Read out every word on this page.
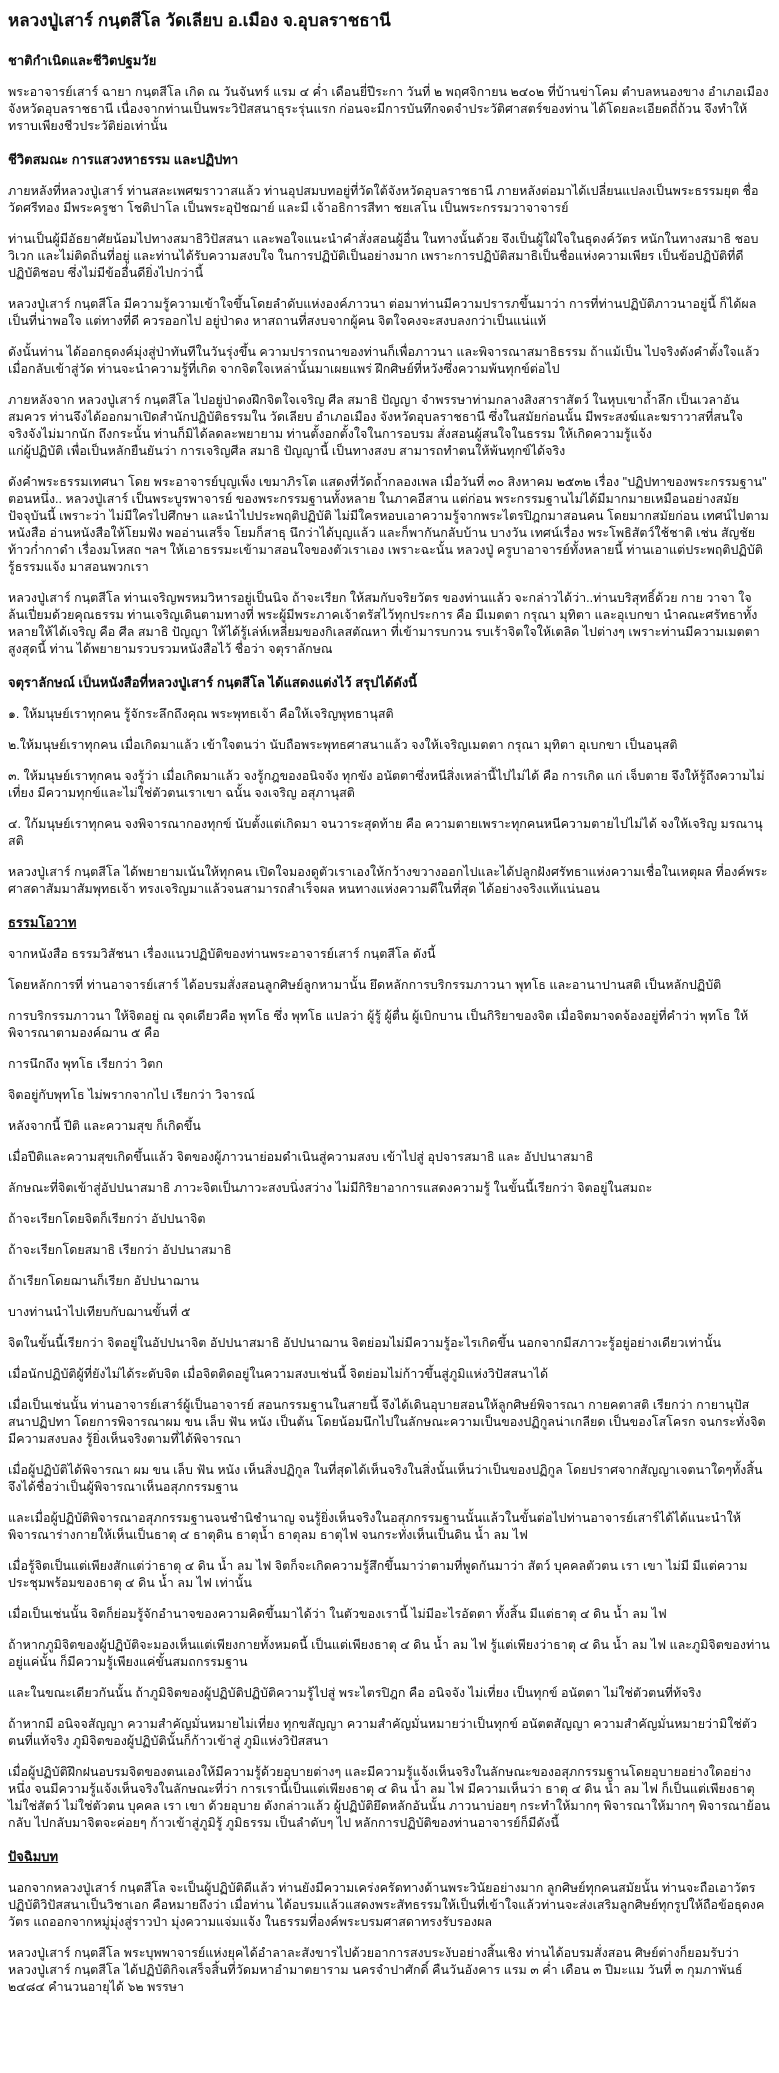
หลวงปู่เสาร์ กนฺตสีโล วัดเลียบ อ.เมือง จ.อุบลราชธานี
ชาติกำเนิดและชีวิตปฐมวัย

พระอาจารย์เสาร์ ฉายา กนฺตสีโล เกิด ณ วันจันทร์ แรม ๔ ค่ำ เดือนยี่ปีระกา วันที่ ๒ พฤศจิกายน ๒๔๐๒ ที่บ้านข่าโคม ตำบลหนองขาง อำเภอเมือง จังหวัดอุบลราชธานี เนื่องจากท่านเป็นพระวิปัสสนาธุระรุ่นแรก ก่อนจะมีการบันทึกจดจำประวัติศาสตร์ของท่าน ได้โดยละเอียดถี่ถ้วน จึงทำให้ทราบเพียงชีวประวัติย่อเท่านั้น

ชีวิตสมณะ การแสวงหาธรรม และปฏิปทา

ภายหลังที่หลวงปู่เสาร์ ท่านสละเพศฆราวาสแล้ว ท่านอุปสมบทอยู่ที่วัดใต้จังหวัดอุบลราชธานี ภายหลังต่อมาได้เปลี่ยนแปลงเป็นพระธรรมยุต ชื่อวัดศรีทอง มีพระครูชา โชติปาโล เป็นพระอุปัชฌาย์ และมี เจ้าอธิการสีทา ชยเสโน เป็นพระกรรมวาจาจารย์

ท่านเป็นผู้มีอัธยาศัยน้อมไปทางสมาธิวิปัสสนา และพอใจแนะนำคำสั่งสอนผู้อื่น ในทางนั้นด้วย จึงเป็นผู้ใฝ่ใจในธุดงค์วัตร หนักในทางสมาธิ ชอบวิเวก และไม่ติดถิ่นที่อยู่ และท่านได้รับความสงบใจ ในการปฏิบัติเป็นอย่างมาก เพราะการปฏิบัติสมาธิเป็นชื่อแห่งความเพียร เป็นข้อปฏิบัติที่ดีปฏิบัติชอบ ซึ่งไม่มีข้ออื่นดียิ่งไปกว่านี้

หลวงปู่เสาร์ กนฺตสีโล มีความรู้ความเข้าใจขึ้นโดยลำดับแห่งองค์ภาวนา ต่อมาท่านมีความปรารภขึ้นมาว่า การที่ท่านปฏิบัติภาวนาอยู่นี้ ก็ได้ผลเป็นที่น่าพอใจ แต่ทางที่ดี ควรออกไป อยู่ป่าดง หาสถานที่สงบจากผู้คน จิตใจคงจะสงบลงกว่าเป็นแน่แท้

ดังนั้นท่าน ได้ออกธุดงค์มุ่งสู่ป่าทันทีในวันรุ่งขึ้น ความปรารถนาของท่านก็เพื่อภาวนา และพิจารณาสมาธิธรรม ถ้าแม้เป็น ไปจริงดังคำตั้งใจแล้ว เมื่อกลับเข้าสู่วัด ท่านจะนำความรู้ที่เกิด จากจิตใจเหล่านั้นมาเผยแพร่ ฝึกศิษย์ที่หวังซึ่งความพ้นทุกข์ต่อไป

ภายหลังจาก หลวงปู่เสาร์ กนฺตสีโล ไปอยู่ป่าดงฝึกจิตใจเจริญ ศีล สมาธิ ปัญญา จำพรรษาท่ามกลางสิงสาราสัตว์ ในหุบเขาถ้ำลึก เป็นเวลาอันสมควร ท่านจึงได้ออกมาเปิดสำนักปฏิบัติธรรมใน วัดเลียบ อำเภอเมือง จังหวัดอุบลราชธานี ซึ่งในสมัยก่อนนั้น มีพระสงฆ์และฆราวาสที่สนใจจริงจังไม่มากนัก ถึงกระนั้น ท่านก็มิได้ลดละพยายาม ท่านตั้งอกตั้งใจในการอบรม สั่งสอนผู้สนใจในธรรม ให้เกิดความรู้แจ้ง
แก่ผู้ปฏิบัติ เพื่อเป็นหลักยืนยันว่า การเจริญศีล สมาธิ ปัญญานี้ เป็นทางสงบ สามารถทำตนให้พ้นทุกข์ได้จริง

ดังคำพระธรรมเทศนา โดย พระอาจารย์บุญเพ็ง เขมาภิรโต แสดงที่วัดถ้ำกลองเพล เมื่อวันที่ ๓๐ สิงหาคม ๒๕๓๒ เรื่อง "ปฏิปทาของพระกรรมฐาน" ตอนหนึ่ง.. หลวงปู่เสาร์ เป็นพระบูรพาจารย์ ของพระกรรมฐานทั้งหลาย ในภาคอีสาน แต่ก่อน พระกรรมฐานไม่ได้มีมากมายเหมือนอย่างสมัยปัจจุบันนี้ เพราะว่า ไม่มีใครไปศึกษา และนำไปประพฤติปฏิบัติ ไม่มีใครหอบเอาความรู้จากพระไตรปิฎกมาสอนคน โดยมากสมัยก่อน เทศน์ไปตามหนังสือ อ่านหนังสือให้โยมฟัง พออ่านเสร็จ โยมก็สาธุ นึกว่าได้บุญแล้ว และก็พากันกลับบ้าน บางวัน เทศน์เรื่อง พระโพธิสัตว์ใช้ชาติ เช่น สัญชัย ท้าวก่ำกาดำ เรื่องมโหสถ ฯลฯ ให้เอาธรรมะเข้ามาสอนใจของตัวเราเอง เพราะฉะนั้น หลวงปู่ ครูบาอาจารย์ทั้งหลายนี้ ท่านเอาแต่ประพฤติปฏิบัติ รู้ธรรมแจ้ง มาสอนพวกเรา

หลวงปู่เสาร์ กนฺตสีโล ท่านเจริญพรหมวิหารอยู่เป็นนิจ ถ้าจะเรียก ให้สมกับจริยวัตร ของท่านแล้ว จะกล่าวได้ว่า..ท่านบริสุทธิ์ด้วย กาย วาจา ใจ ล้นเปี่ยมด้วยคุณธรรม ท่านเจริญเดินตามทางที่ พระผู้มีพระภาคเจ้าตรัสไว้ทุกประการ คือ มีเมตตา กรุณา มุทิตา และอุเบกขา นำคณะศรัทธาทั้งหลายให้ได้เจริญ คือ ศีล สมาธิ ปัญญา ให้ได้รู้เล่ห์เหลี่ยมของกิเลสตัณหา ที่เข้ามารบกวน รบเร้าจิตใจให้เตลิด ไปต่างๆ เพราะท่านมีความเมตตาสูงสุดนี้ ท่าน ได้พยายามรวบรวมหนังสือไว้ ชื่อว่า จตุราลักษณ

จตุราลักษณ์ เป็นหนังสือที่หลวงปู่เสาร์ กนฺตสีโล ได้แสดงแต่งไว้ สรุปได้ดังนี้

๑. ให้มนุษย์เราทุกคน รู้จักระลึกถึงคุณ พระพุทธเจ้า คือให้เจริญพุทธานุสติ

๒.ให้มนุษย์เราทุกคน เมื่อเกิดมาแล้ว เข้าใจตนว่า นับถือพระพุทธศาสนาแล้ว จงให้เจริญเมตตา กรุณา มุทิตา อุเบกขา เป็นอนุสติ

๓. ให้มนุษย์เราทุกคน จงรู้ว่า เมื่อเกิดมาแล้ว จงรู้กฎของอนิจจัง ทุกขัง อนัตตาซึ่งหนีสิ่งเหล่านี้ไปไม่ได้ คือ การเกิด แก่ เจ็บตาย จึงให้รู้ถึงความไม่เที่ยง มีความทุกข์และไม่ใช่ตัวตนเราเขา ฉนั้น จงเจริญ อสุภานุสติ

๔. ใก้มนุษย์เราทุกคน จงพิจารณากองทุกข์ นับตั้งแต่เกิดมา จนวาระสุดท้าย คือ ความตายเพราะทุกคนหนีความตายไปไม่ได้ จงให้เจริญ มรณานุสติ

หลวงปู่เสาร์ กนฺตสีโล ได้พยายามเน้นให้ทุกคน เปิดใจมองดูตัวเราเองให้กว้างขวางออกไปและได้ปลูกฝังศรัทธาแห่งความเชื่อในเหตุผล ที่องค์พระศาสดาสัมมาสัมพุทธเจ้า ทรงเจริญมาแล้วจนสามารถสำเร็จผล หนทางแห่งความดีในที่สุด ได้อย่างจริงแท้แน่นอน

ธรรมโอวาท

จากหนังสือ ธรรมวิสัชนา เรื่องแนวปฏิบัติของท่านพระอาจารย์เสาร์ กนฺตสีโล ดังนี้

โดยหลักการที่ ท่านอาจารย์เสาร์ ได้อบรมสั่งสอนลูกศิษย์ลูกหามานั้น ยึดหลักการบริกรรมภาวนา พุทโธ และอานาปานสติ เป็นหลักปฏิบัติ

การบริกรรมภาวนา ให้จิตอยู่ ณ จุดเดียวคือ พุทโธ ซึ่ง พุทโธ แปลว่า ผู้รู้ ผู้ตื่น ผู้เบิกบาน เป็นกิริยาของจิต เมื่อจิตมาจดจ้องอยู่ที่คำว่า พุทโธ ให้พิจารณาตามองค์ฌาน ๕ คือ

การนึกถึง พุทโธ เรียกว่า วิตก

จิตอยู่กับพุทโธ ไม่พรากจากไป เรียกว่า วิจารณ์

หลังจากนี้ ปีติ และความสุข ก็เกิดขึ้น

เมื่อปีติและความสุขเกิดขึ้นแล้ว จิตของผู้ภาวนาย่อมดำเนินสู่ความสงบ เข้าไปสู่ อุปจารสมาธิ และ อัปปนาสมาธิ

ลักษณะที่จิตเข้าสู่อัปปนาสมาธิ ภาวะจิตเป็นภาวะสงบนิ่งสว่าง ไม่มีกิริยาอาการแสดงความรู้ ในขั้นนี้เรียกว่า จิตอยู่ในสมถะ

ถ้าจะเรียกโดยจิตก็เรียกว่า อัปปนาจิต

ถ้าจะเรียกโดยสมาธิ เรียกว่า อัปปนาสมาธิ

ถ้าเรียกโดยฌานก็เรียก อัปปนาฌาน

บางท่านนำไปเทียบกับฌานขั้นที่ ๕

จิตในขั้นนี้เรียกว่า จิตอยู่ในอัปปนาจิต อัปปนาสมาธิ อัปปนาฌาน จิตย่อมไม่มีความรู้อะไรเกิดขึ้น นอกจากมีสภาวะรู้อยู่อย่างเดียวเท่านั้น

เมื่อนักปฏิบัติผู้ที่ยังไม่ได้ระดับจิต เมื่อจิตติดอยู่ในความสงบเช่นนี้ จิตย่อมไม่ก้าวขึ้นสู่ภูมิแห่งวิปัสสนาได้

เมื่อเป็นเช่นนั้น ท่านอาจารย์เสาร์ผู้เป็นอาจารย์ สอนกรรมฐานในสายนี้ จึงได้เดินอุบายสอนให้ลูกศิษย์พิจารณา กายคตาสติ เรียกว่า กายานุปัสสนาปฏิปทา โดยการพิจารณาผม ขน เล็บ ฟัน หนัง เป็นต้น โดยน้อมนึกไปในลักษณะความเป็นของปฏิกูลน่าเกลียด เป็นของโสโครก จนกระทั่งจิตมีความสงบลง รู้ยิ่งเห็นจริงตามที่ได้พิจารณา

เมื่อผู้ปฏิบัติได้พิจารณา ผม ขน เล็บ ฟัน หนัง เห็นสิ่งปฏิกูล ในที่สุดได้เห็นจริงในสิ่งนั้นเห็นว่าเป็นของปฏิกูล โดยปราศจากสัญญาเจตนาใดๆทั้งสิ้น จึงได้ชื่อว่าเป็นผู้พิจารณาเห็นอสุภกรรมฐาน

และเมื่อผู้ปฏิบัติพิจารณาอสุภกรรมฐานจนชำนิชำนาญ จนรู้ยิ่งเห็นจริงในอสุภกรรมฐานนั้นแล้วในขั้นต่อไปท่านอาจารย์เสาร์ได้ได้แนะนำให้พิจารณาร่างกายให้เห็นเป็นธาตุ ๔ ธาตุดิน ธาตุน้ำ ธาตุลม ธาตุไฟ จนกระทั่งเห็นเป็นดิน น้ำ ลม ไฟ

เมื่อรู้จิตเป็นแต่เพียงสักแต่ว่าธาตุ ๔ ดิน น้ำ ลม ไฟ จิตก็จะเกิดความรู้สึกขึ้นมาว่าตามที่พูดกันมาว่า สัตว์ บุคคลตัวตน เรา เขา ไม่มี มีแต่ความประชุมพร้อมของธาตุ ๔ ดิน น้ำ ลม ไฟ เท่านั้น

เมื่อเป็นเช่นนั้น จิตก็ย่อมรู้จักอำนาจของความคิดขึ้นมาได้ว่า ในตัวของเรานี้ ไม่มีอะไรอัตตา ทั้งสิ้น มีแต่ธาตุ ๔ ดิน น้ำ ลม ไฟ

ถ้าหากภูมิจิตของผู้ปฏิบัติจะมองเห็นแต่เพียงกายทั้งหมดนี้ เป็นแต่เพียงธาตุ ๔ ดิน น้ำ ลม ไฟ รู้แต่เพียงว่าธาตุ ๔ ดิน น้ำ ลม ไฟ และภูมิจิตของท่านอยู่แค่นั้น ก็มีความรู้เพียงแค่ขั้นสมถกรรมฐาน

และในขณะเดียวกันนั้น ถ้าภูมิจิตของผู้ปฏิบัติปฏิบัติความรู้ไปสู่ พระไตรปิฎก คือ อนิจจัง ไม่เที่ยง เป็นทุกข์ อนัตตา ไม่ใช่ตัวตนที่ท้จริง

ถ้าหากมี อนิจจสัญญา ความสำคัญมั่นหมายไม่เที่ยง ทุกขสัญญา ความสำคัญมั่นหมายว่าเป็นทุกข์ อนัตตสัญญา ความสำคัญมั่นหมายว่ามิใช่ตัวตนที่แท้จริง ภูมิจิตของผู้ปฏิบัตินั้นก็ก้าวเข้าสู่ ภูมิแห่งวิปัสสนา

เมื่อผู้ปฏิบัติฝึกฝนอบรมจิตของตนเองให้มีความรู้ด้วยอุบายต่างๆ และมีความรู้แจ้งเห็นจริงในลักษณะของอสุภกรรมฐานโดยอุบายอย่างใดอย่างหนึ่ง จนมีความรู้แจ้งเห็นจริงในลักษณะที่ว่า การเรานี้เป็นแต่เพียงธาตุ ๔ ดิน น้ำ ลม ไฟ มีความเห็นว่า ธาตุ ๔ ดิน น้ำ ลม ไฟ ก็เป็นแต่เพียงธาตุ ไม่ใช่สัตว์ ไม่ใช่ตัวตน บุคคล เรา เขา ด้วยอุบาย ดังกล่าวแล้ว ผู้ปฏิบัติยึดหลักอันนั้น ภาวนาบ่อยๆ กระทำให้มากๆ พิจารณาให้มากๆ พิจารณาย้อนกลับ ไปกลับมาจิตจะค่อยๆ ก้าวเข้าสู่ภูมิรู้ ภูมิธรรม เป็นลำดับๆ ไป หลักการปฏิบัติของท่านอาจารย์ก็มีดังนี้

ปัจฉิมบท

นอกจากหลวงปู่เสาร์ กนฺตสีโล จะเป็นผู้ปฏิบัติดีแล้ว ท่านยังมีความเคร่งครัดทางด้านพระวินัยอย่างมาก ลูกศิษย์ทุกคนสมัยนั้น ท่านจะถือเอาวัตรปฏิบัติวิปัสสนาเป็นวิชาเอก คือหมายถึงว่า เมื่อท่าน ได้อบรมแล้วแสดงพระสัทธรรมให้เป็นที่เข้าใจแล้วท่านจะส่งเสริมลูกศิษย์ทุกรูปให้ถือข้อธุดงควัตร แถออกจากหมู่มุ่งสู่ราวป่า มุ่งความแจ่มแจ้ง ในธรรมที่องค์พระบรมศาสดาทรงรับรองผล

หลวงปู่เสาร์ กนฺตสีโล พระบุพพาจารย์แห่งยุคได้อำลาละสังขารไปด้วยอาการสงบระงับอย่างสิ้นเชิง ท่านได้อบรมสั่งสอน ศิษย์ต่างก็ยอมรับว่า หลวงปู่เสาร์ กนฺตสีโล ได้ปฏิบัติกิจเสร็จสิ้นที่วัดมหาอำมาตยาราม นครจำปาศักดิ์ คืนวันอังคาร แรม ๓ ค่ำ เดือน ๓ ปีมะแม วันที่ ๓ กุมภาพันธ์ ๒๔๘๔ คำนวนอายุได้ ๖๒ พรรษา
